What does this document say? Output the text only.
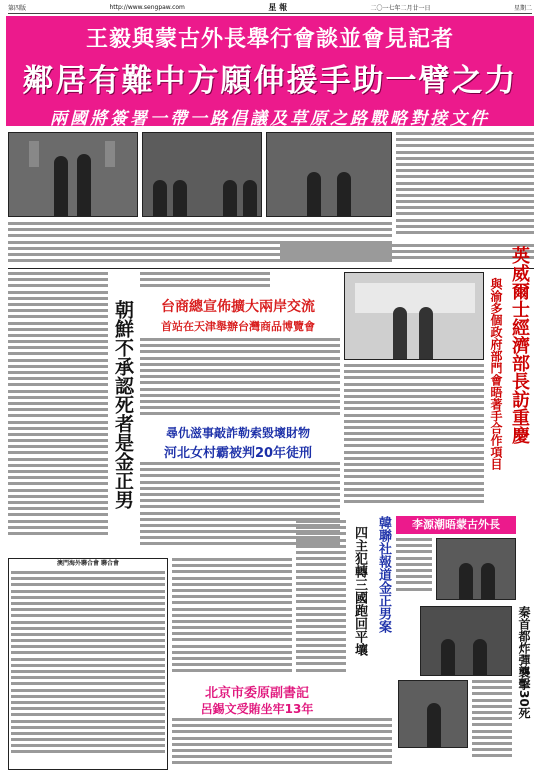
第四版	http://www.sengpaw.com	星 報	二〇一七年二月廿一日	星期二
王毅與蒙古外長舉行會談並會見記者
鄰居有難中方願伸援手助一臂之力
兩國將簽署一帶一路倡議及草原之路戰略對接文件
朝鮮不承認死者是金正男	台商總宣佈擴大兩岸交流
首站在天津舉辦台灣商品博覽會
尋仇滋事敲詐勒索毀壞財物
河北女村霸被判20年徒刑
英威爾士經濟部長訪重慶
與渝多個政府部門會晤著手合作項目
李源潮晤蒙古外長
韓聯社報道金正男案
四主犯轉三國跑回平壤
秦首都炸彈襲擊30死
澳門海外聯合會 聯合會
北京市委原副書記
呂錫文受賄坐牢13年
